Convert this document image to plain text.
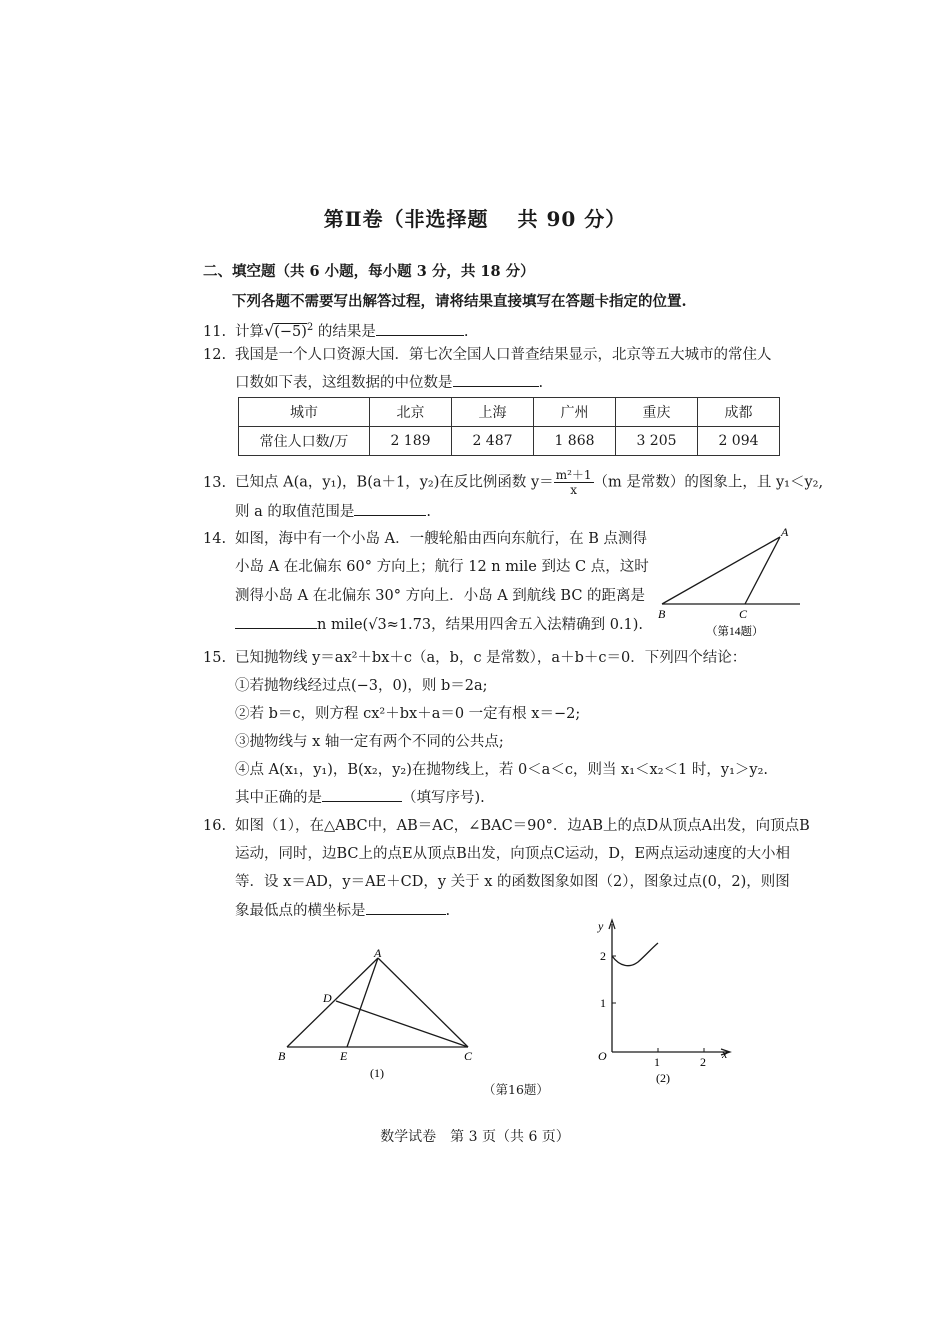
第Ⅱ卷（非选择题　 共 90 分）
二、填空题（共 6 小题，每小题 3 分，共 18 分）
下列各题不需要写出解答过程，请将结果直接填写在答题卡指定的位置.
11. 计算$√(-5)^2$ 的结果是	.
12. 我国是一个人口资源大国．第七次全国人口普查结果显示，北京等五大城市的常住人
口数如下表，这组数据的中位数是	.
城市	北京	上海	广州	重庆	成都
常住人口数/万	2 189	2 487	1 868	3 205	2 094
13. 已知点 A(a，y₁)，B(a＋1，y₂)在反比例函数 $y= \frac{\text{m²＋1}}{x} (m$ 是常数）的图象上，且 y₁＜y₂,
则 a 的取值范围是	.
14. 如图，海中有一个小岛 A．一艘轮船由西向东航行，在 B 点测得
小岛 A 在北偏东 60° 方向上；航行 12 n mile 到达 C 点，这时
测得小岛 A 在北偏东 30° 方向上．小岛 A 到航线 BC 的距离是
n mile(√3≈1.73，结果用四舍五入法精确到 0.1).
A
B	C
（第14题）
15. 已知抛物线 y＝ax²＋bx＋c（a，b，c 是常数），a＋b＋c＝0．下列四个结论：
①若抛物线经过点(−3，0)，则 b＝2a;
②若 b＝c，则方程 cx²＋bx＋a＝0 一定有根 x＝−2;
③抛物线与 x 轴一定有两个不同的公共点;
④点 A(x₁，y₁)，B(x₂，y₂)在抛物线上，若 0＜a＜c，则当 x₁＜x₂＜1 时，y₁＞y₂.
其中正确的是	（填写序号).
16. 如图（1），在△ABC中，AB＝AC，∠BAC＝90°．边AB上的点D从顶点A出发，向顶点B
运动，同时，边BC上的点E从顶点B出发，向顶点C运动，D，E两点运动速度的大小相
等．设 x＝AD，y＝AE＋CD，y 关于 x 的函数图象如图（2），图象过点(0，2)，则图
象最低点的横坐标是	.
A
B	C
D
E
(1)
y
x
O	1	2
1
2
(2)
（第16题）
数学试卷　第 3 页（共 6 页）
